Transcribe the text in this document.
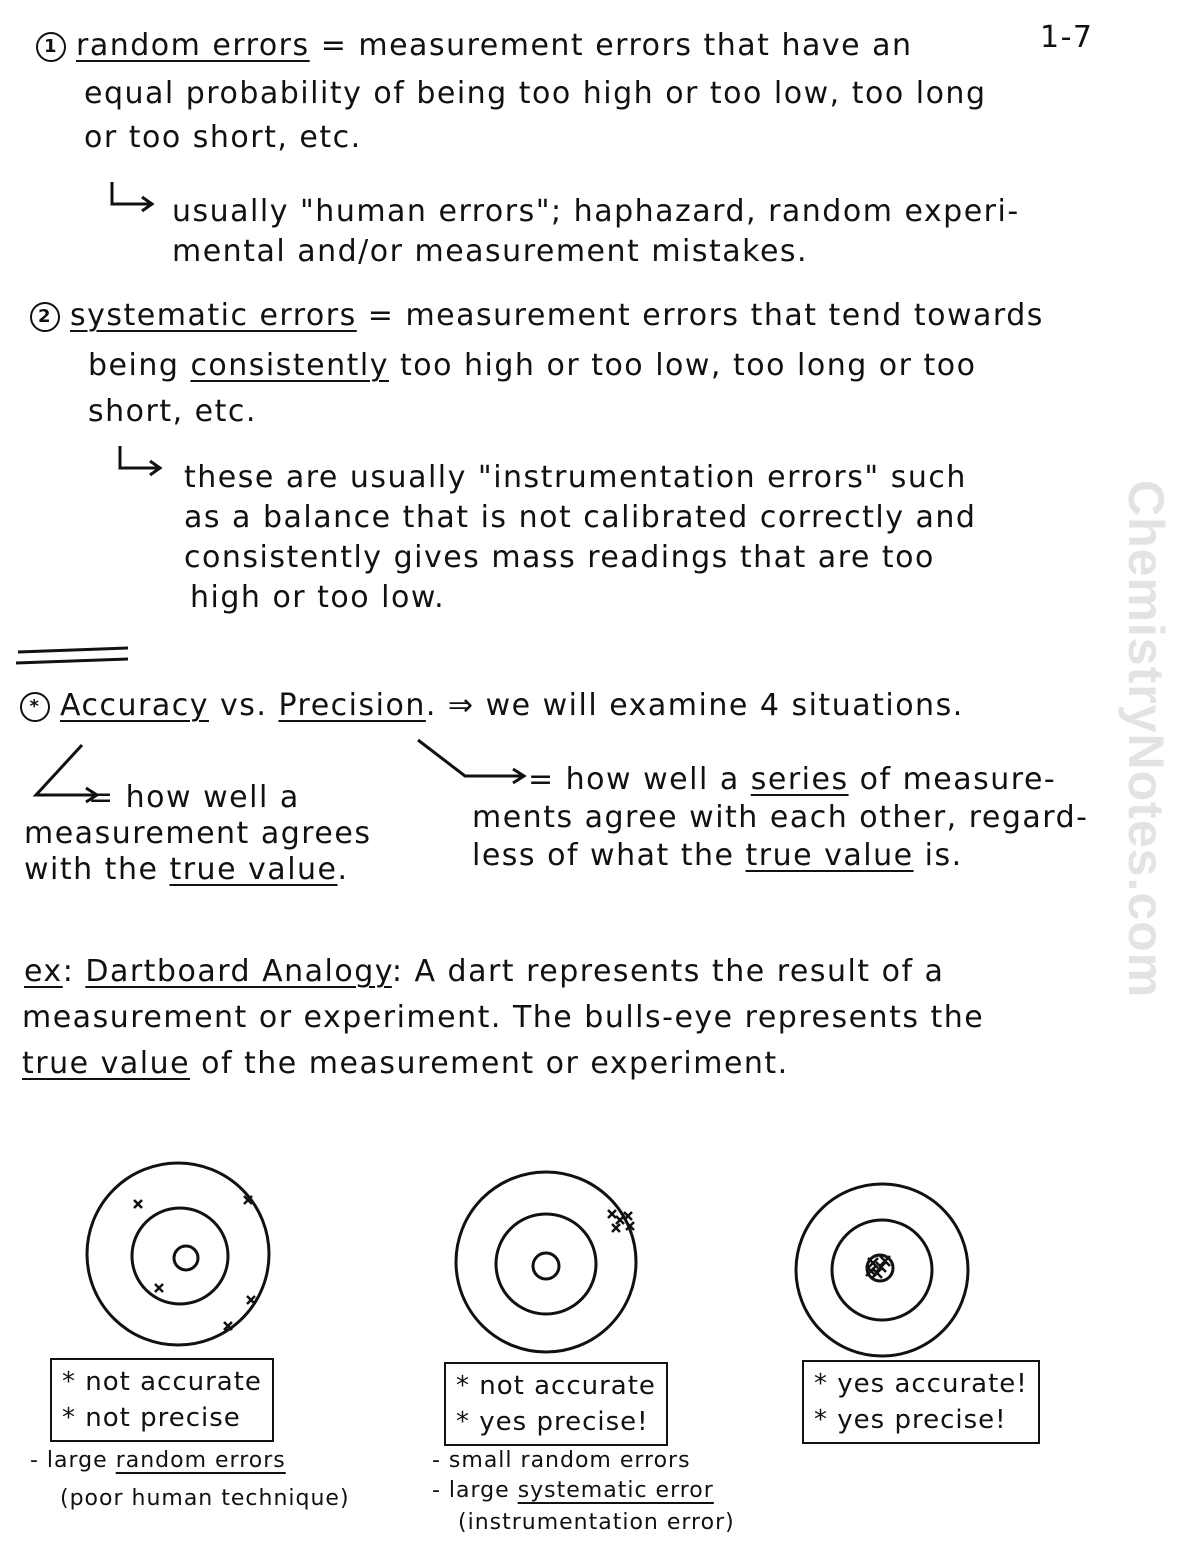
1-7
1 random errors = measurement errors that have an
equal probability of being too high or too low, too long
or too short, etc.
usually "human errors"; haphazard, random experi-
mental and/or measurement mistakes.
2 systematic errors = measurement errors that tend towards
being consistently too high or too low, too long or too
short, etc.
these are usually "instrumentation errors" such
as a balance that is not calibrated correctly and
consistently gives mass readings that are too
high or too low.
* Accuracy vs. Precision. ⇒ we will examine 4 situations.
= how well a
measurement agrees
with the true value.
= how well a series of measure-
ments agree with each other, regard-
less of what the true value is.
ex: Dartboard Analogy: A dart represents the result of a
measurement or experiment. The bulls-eye represents the
true value of the measurement or experiment.
* not accurate
* not precise
- large random errors
(poor human technique)
* not accurate
* yes precise!
- small random errors
- large systematic error
(instrumentation error)
* yes accurate!
* yes precise!
ChemistryNotes.com
